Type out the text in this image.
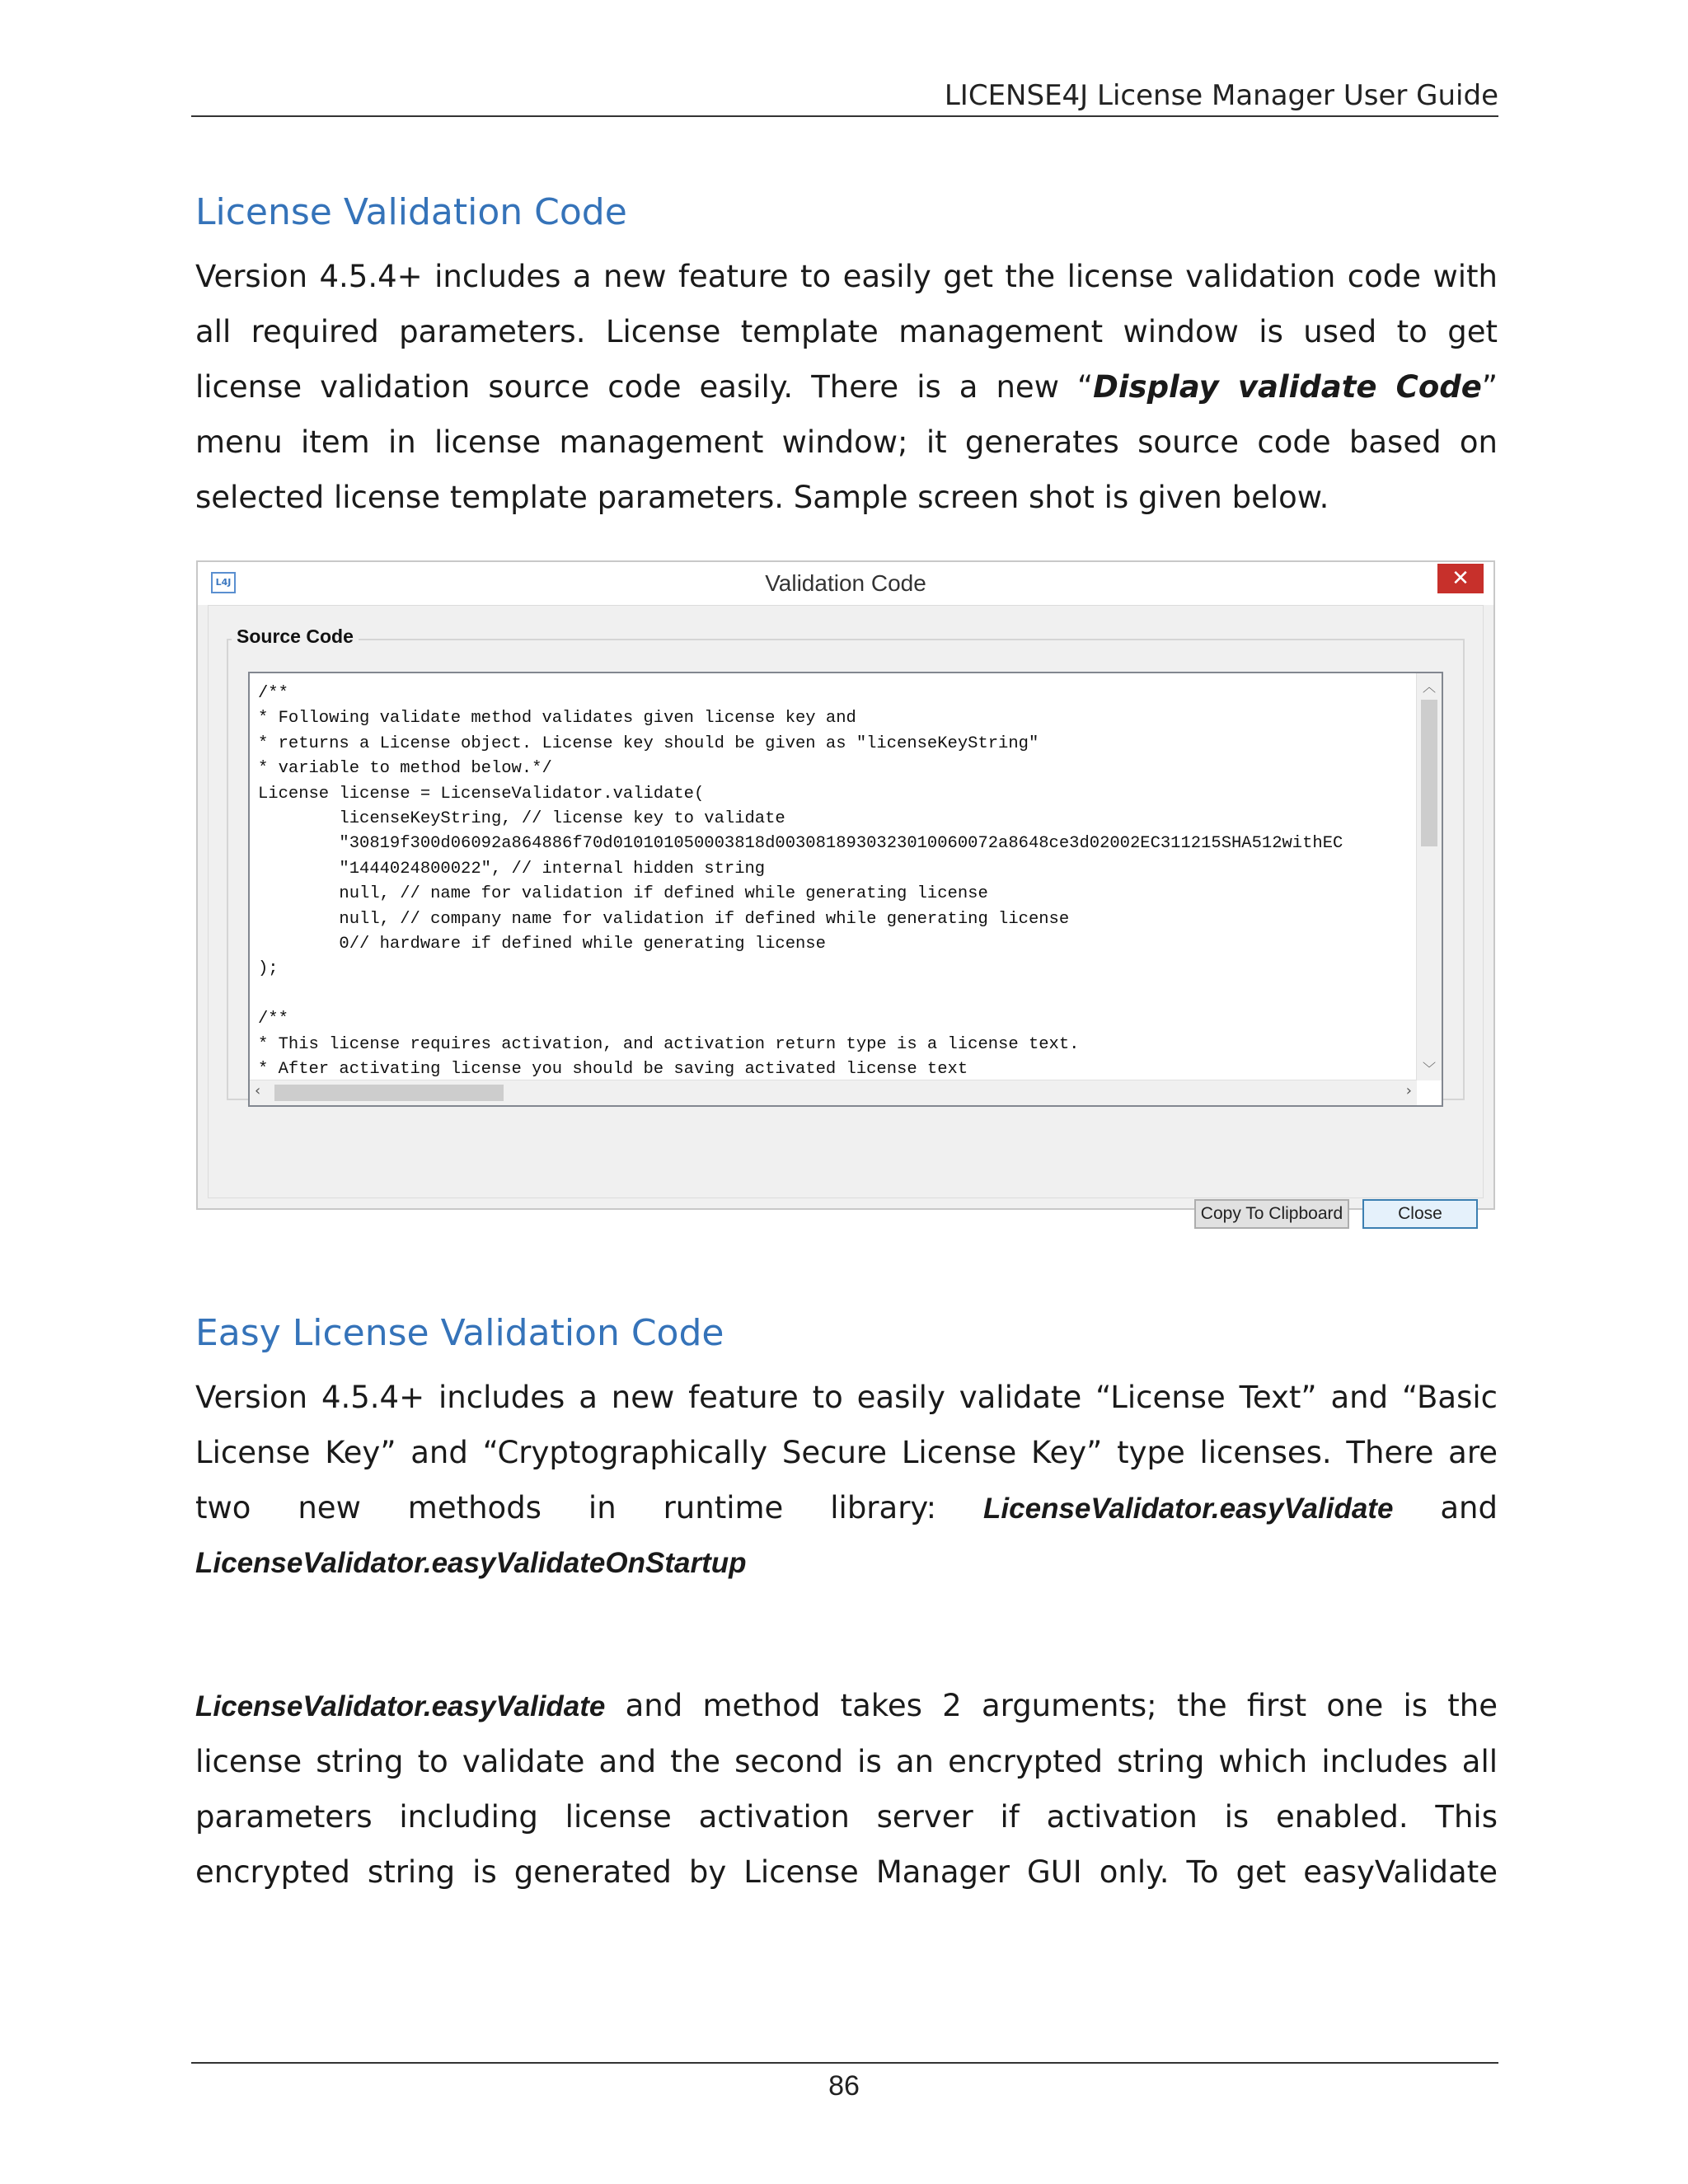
LICENSE4J License Manager User Guide
License Validation Code

Version 4.5.4+ includes a new feature to easily get the license validation code with all required parameters. License template management window is used to get license validation source code easily. There is a new “Display validate Code” menu item in license management window; it generates source code based on selected license template parameters. Sample screen shot is given below.

L4J	Validation Code	✕
Source Code
/**
* Following validate method validates given license key and
* returns a License object. License key should be given as "licenseKeyString"
* variable to method below.*/
License license = LicenseValidator.validate(
licenseKeyString, // license key to validate
"30819f300d06092a864886f70d010101050003818d0030818930323010060072a8648ce3d02002EC311215SHA512withEC
"1444024800022", // internal hidden string
null, // name for validation if defined while generating license
null, // company name for validation if defined while generating license
0// hardware if defined while generating license
);

/**
* This license requires activation, and activation return type is a license text.
* After activating license you should be saving activated license text
︿
﹀
‹	›
Copy To Clipboard	Close
Easy License Validation Code

Version 4.5.4+ includes a new feature to easily validate “License Text” and “Basic License Key” and “Cryptographically Secure License Key” type licenses. There are two new methods in runtime library: LicenseValidator.easyValidate and

LicenseValidator.easyValidateOnStartup

LicenseValidator.easyValidate and method takes 2 arguments; the first one is the license string to validate and the second is an encrypted string which includes all parameters including license activation server if activation is enabled. This encrypted string is generated by License Manager GUI only. To get easyValidate

86
